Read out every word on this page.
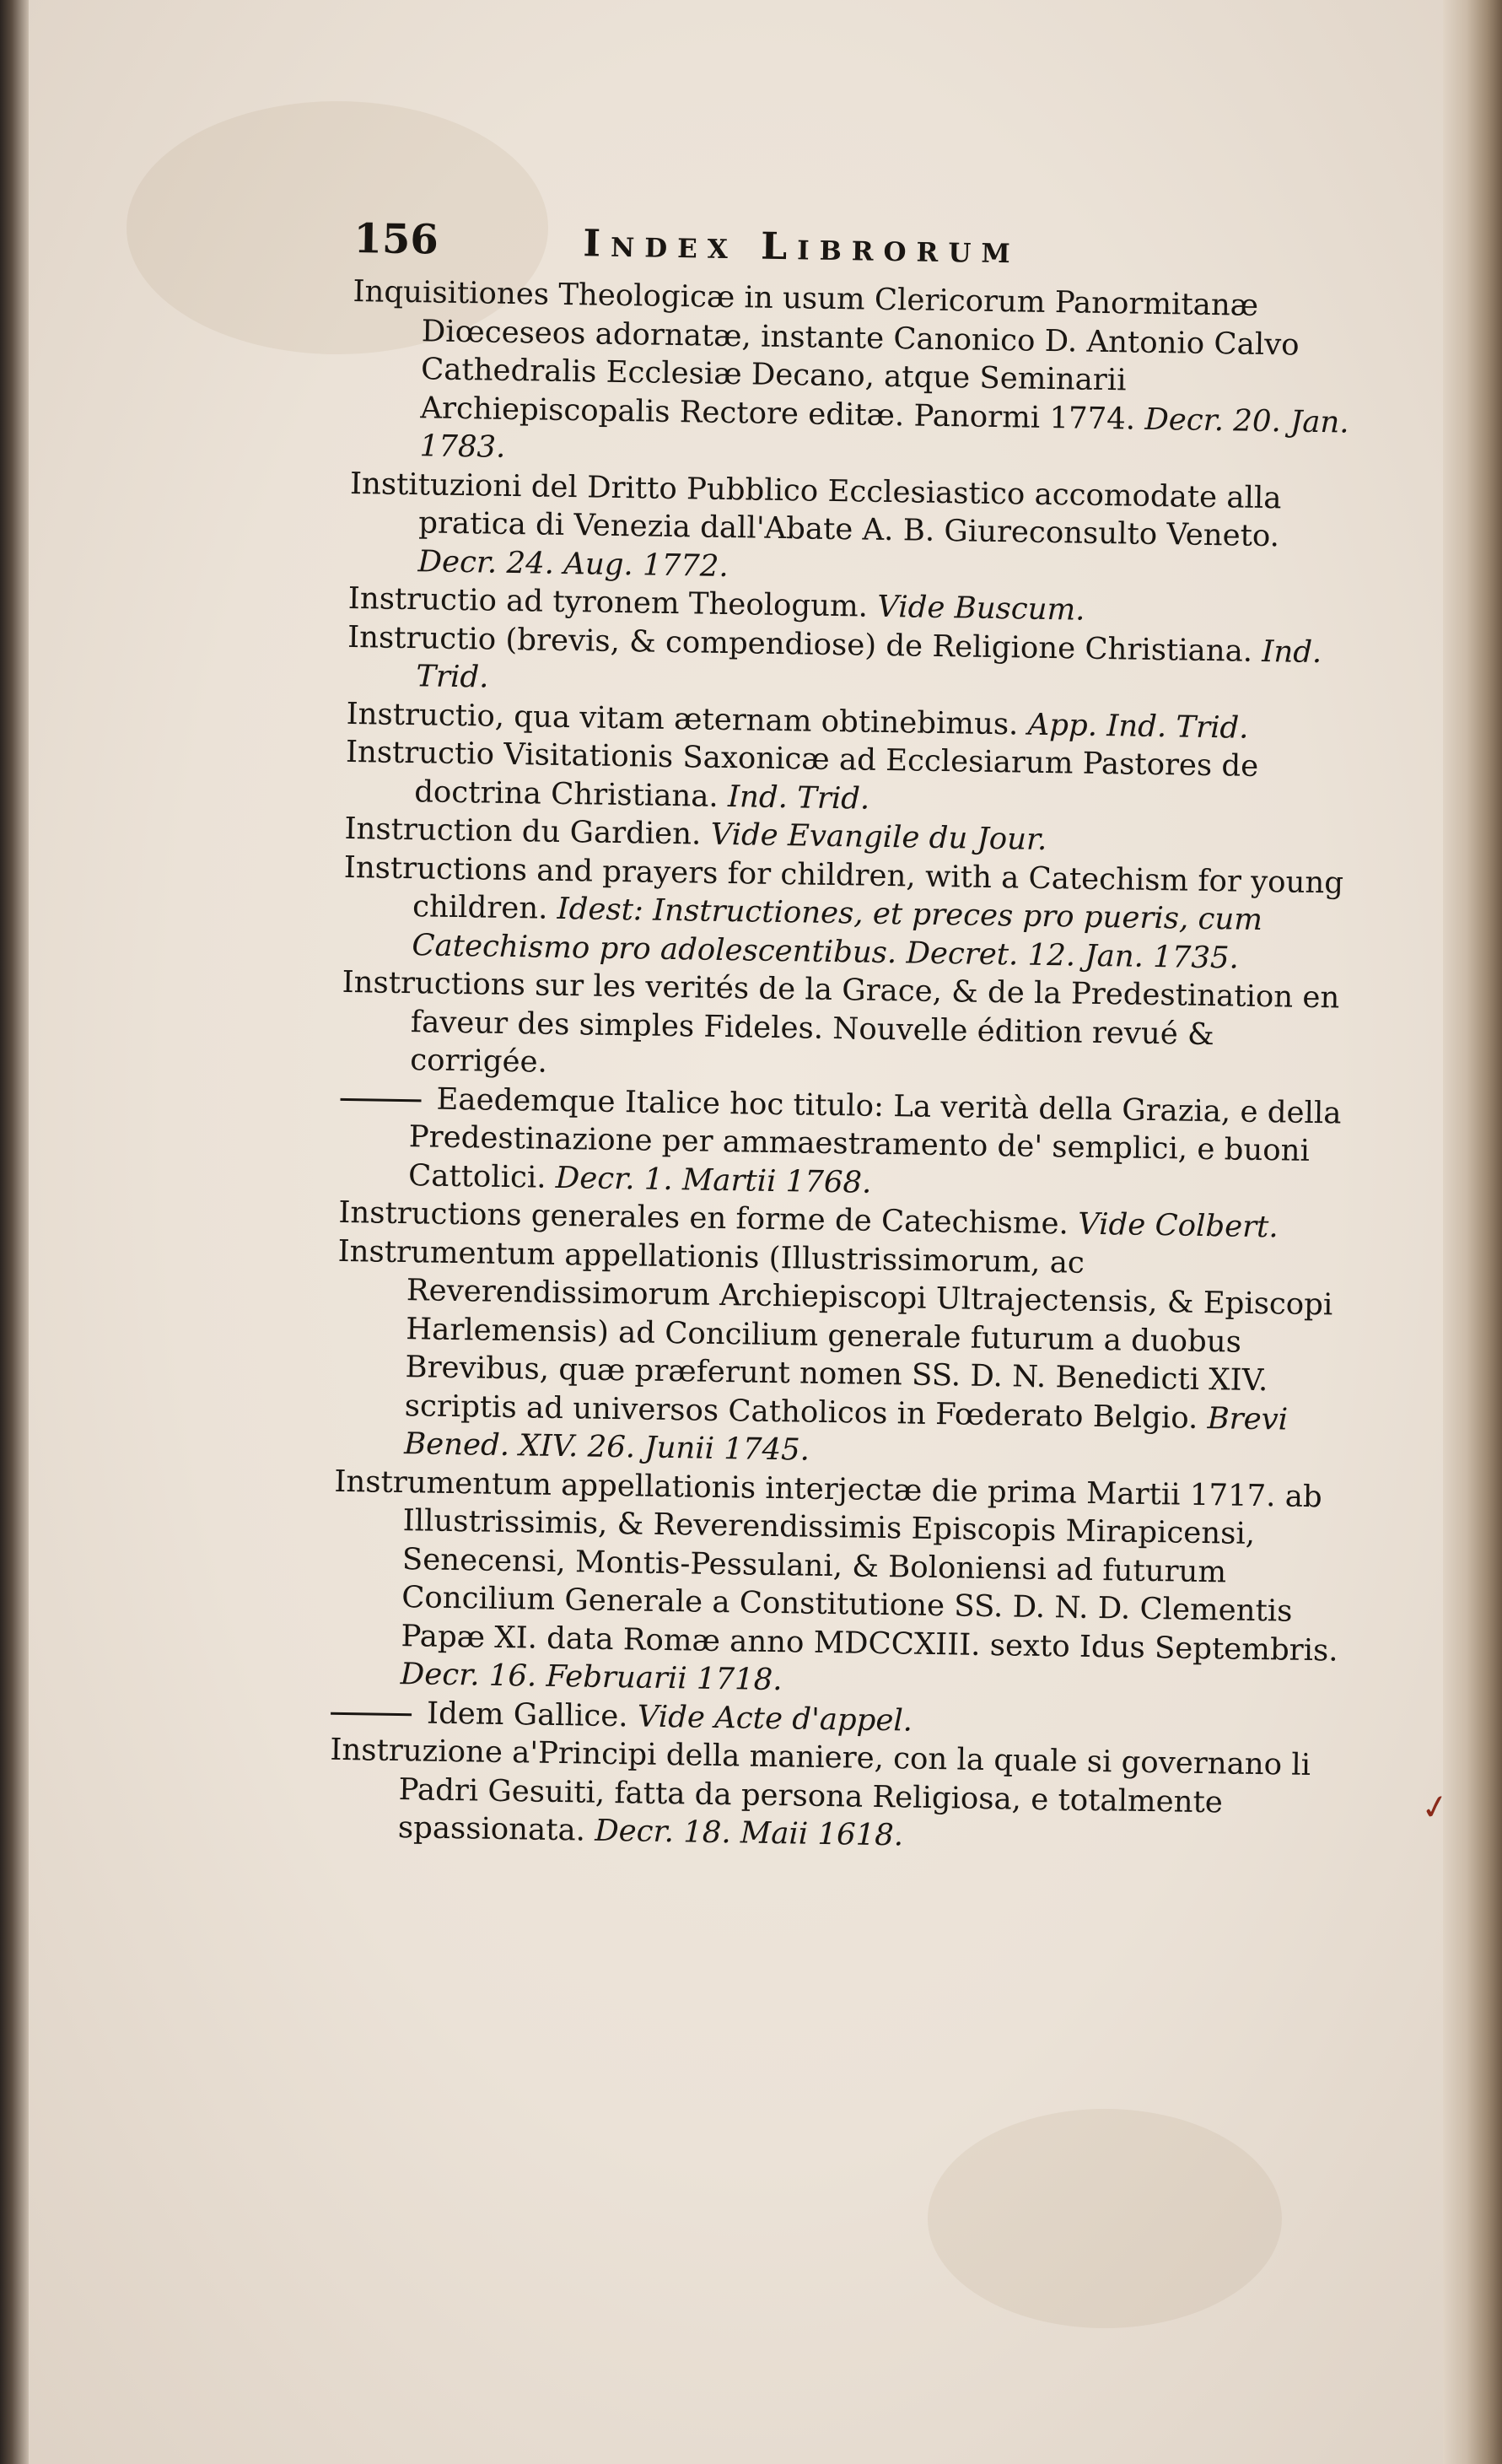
156	Index Librorum

Inquisitiones Theologicæ in usum Clericorum Panormitanæ Diœceseos adornatæ, instante Canonico D. Antonio Calvo Cathedralis Ecclesiæ Decano, atque Seminarii Archiepiscopalis Rectore editæ. Panormi 1774. Decr. 20. Jan. 1783.

Instituzioni del Dritto Pubblico Ecclesiastico accomodate alla pratica di Venezia dall'Abate A. B. Giureconsulto Veneto. Decr. 24. Aug. 1772.

Instructio ad tyronem Theologum. Vide Buscum.

Instructio (brevis, & compendiose) de Religione Christiana. Ind. Trid.

Instructio, qua vitam æternam obtinebimus. App. Ind. Trid.

Instructio Visitationis Saxonicæ ad Ecclesiarum Pastores de doctrina Christiana. Ind. Trid.

Instruction du Gardien. Vide Evangile du Jour.

Instructions and prayers for children, with a Catechism for young children. Idest: Instructiones, et preces pro pueris, cum Catechismo pro adolescentibus. Decret. 12. Jan. 1735.

Instructions sur les verités de la Grace, & de la Predestination en faveur des simples Fideles. Nouvelle édition revué & corrigée.

Eaedemque Italice hoc titulo: La verità della Grazia, e della Predestinazione per ammaestramento de' semplici, e buoni Cattolici. Decr. 1. Martii 1768.

Instructions generales en forme de Catechisme. Vide Colbert.

Instrumentum appellationis (Illustrissimorum, ac Reverendissimorum Archiepiscopi Ultrajectensis, & Episcopi Harlemensis) ad Concilium generale futurum a duobus Brevibus, quæ præferunt nomen SS. D. N. Benedicti XIV. scriptis ad universos Catholicos in Fœderato Belgio. Brevi Bened. XIV. 26. Junii 1745.

Instrumentum appellationis interjectæ die prima Martii 1717. ab Illustrissimis, & Reverendissimis Episcopis Mirapicensi, Senecensi, Montis-Pessulani, & Boloniensi ad futurum Concilium Generale a Constitutione SS. D. N. D. Clementis Papæ XI. data Romæ anno MDCCXIII. sexto Idus Septembris. Decr. 16. Februarii 1718.

Idem Gallice. Vide Acte d'appel.

Instruzione a'Principi della maniere, con la quale si governano li Padri Gesuiti, fatta da persona Religiosa, e totalmente spassionata. Decr. 18. Maii 1618.

✓
